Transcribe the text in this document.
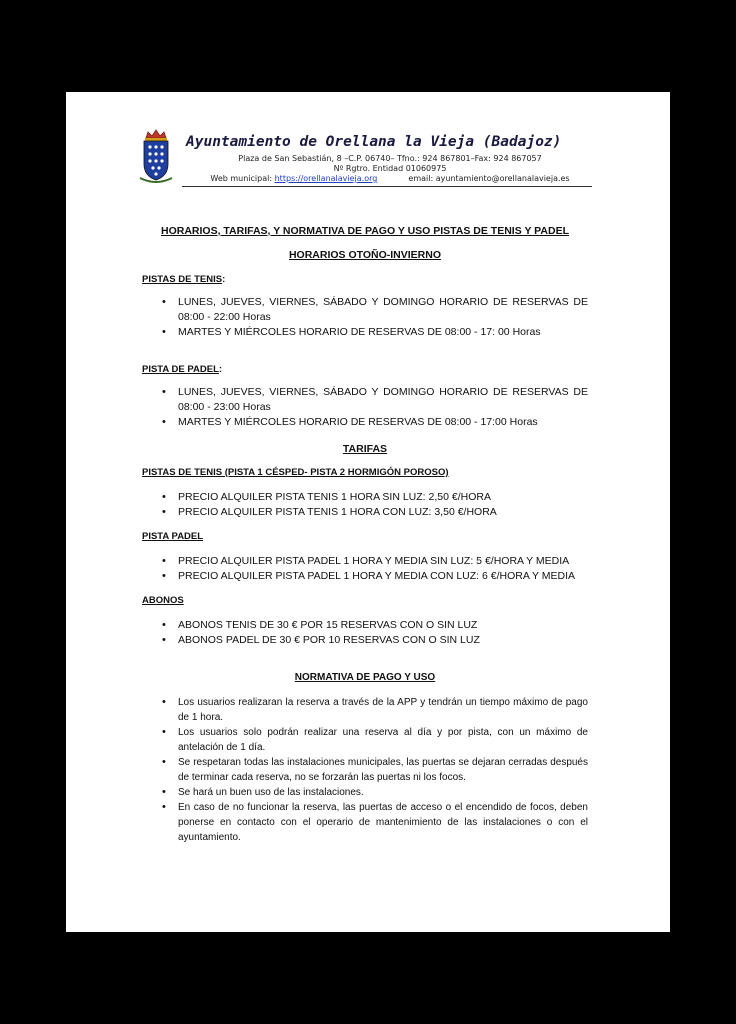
Ayuntamiento de Orellana la Vieja (Badajoz)
Plaza de San Sebastián, 8 –C.P. 06740– Tfno.: 924 867801–Fax: 924 867057
Nº Rgtro. Entidad 01060975
Web municipal: https://orellanalavieja.org	email: ayuntamiento@orellanalavieja.es

HORARIOS, TARIFAS, Y NORMATIVA DE PAGO Y USO PISTAS DE TENIS Y PADEL

HORARIOS OTOÑO-INVIERNO

PISTAS DE TENIS:

• LUNES, JUEVES, VIERNES, SÁBADO Y DOMINGO HORARIO DE RESERVAS DE 08:00 - 22:00 Horas
• MARTES Y MIÉRCOLES HORARIO DE RESERVAS DE 08:00 - 17: 00 Horas

PISTA DE PADEL:

• LUNES, JUEVES, VIERNES, SÁBADO Y DOMINGO HORARIO DE RESERVAS DE 08:00 - 23:00 Horas
• MARTES Y MIÉRCOLES HORARIO DE RESERVAS DE 08:00 - 17:00 Horas

TARIFAS

PISTAS DE TENIS (PISTA 1 CÉSPED- PISTA 2 HORMIGÓN POROSO)

• PRECIO ALQUILER PISTA TENIS 1 HORA SIN LUZ: 2,50 €/HORA
• PRECIO ALQUILER PISTA TENIS 1 HORA CON LUZ: 3,50 €/HORA

PISTA PADEL

• PRECIO ALQUILER PISTA PADEL 1 HORA Y MEDIA SIN LUZ: 5 €/HORA Y MEDIA
• PRECIO ALQUILER PISTA PADEL 1 HORA Y MEDIA CON LUZ: 6 €/HORA Y MEDIA

ABONOS

• ABONOS TENIS DE 30 € POR 15 RESERVAS CON O SIN LUZ
• ABONOS PADEL DE 30 € POR 10 RESERVAS CON O SIN LUZ

NORMATIVA DE PAGO Y USO

• Los usuarios realizaran la reserva a través de la APP y tendrán un tiempo máximo de pago de 1 hora.
• Los usuarios solo podrán realizar una reserva al día y por pista, con un máximo de antelación de 1 día.
• Se respetaran todas las instalaciones municipales, las puertas se dejaran cerradas después de terminar cada reserva, no se forzarán las puertas ni los focos.
• Se hará un buen uso de las instalaciones.
• En caso de no funcionar la reserva, las puertas de acceso o el encendido de focos, deben ponerse en contacto con el operario de mantenimiento de las instalaciones o con el ayuntamiento.
